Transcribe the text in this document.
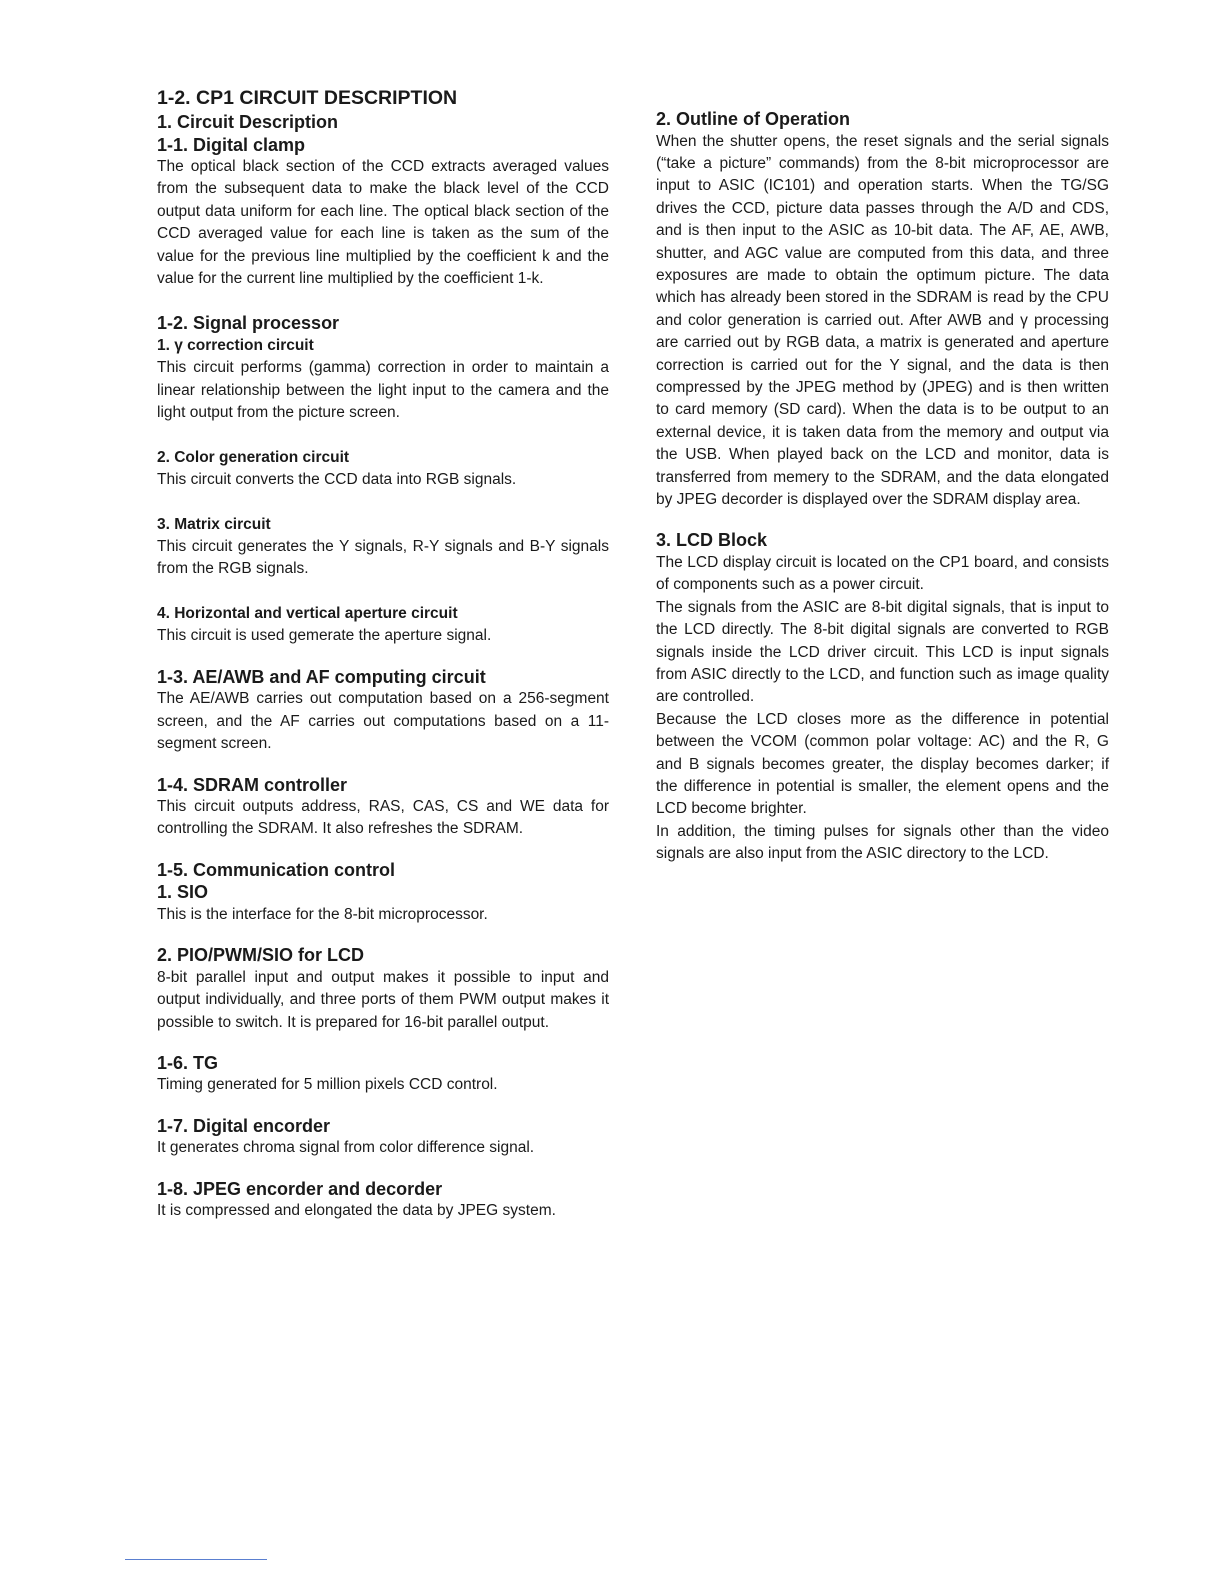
1-2. CP1 CIRCUIT DESCRIPTION
1. Circuit Description
1-1. Digital clamp

The optical black section of the CCD extracts averaged values from the subsequent data to make the black level of the CCD output data uniform for each line. The optical black section of the CCD averaged value for each line is taken as the sum of the value for the previous line multiplied by the coefficient k and the value for the current line multiplied by the coefficient 1-k.

1-2. Signal processor
1. γ correction circuit

This circuit performs (gamma) correction in order to maintain a linear relationship between the light input to the camera and the light output from the picture screen.

2. Color generation circuit

This circuit converts the CCD data into RGB signals.

3. Matrix circuit

This circuit generates the Y signals, R-Y signals and B-Y signals from the RGB signals.

4. Horizontal and vertical aperture circuit

This circuit is used gemerate the aperture signal.

1-3. AE/AWB and AF computing circuit

The AE/AWB carries out computation based on a 256-segment screen, and the AF carries out computations based on a 11-segment screen.

1-4. SDRAM controller

This circuit outputs address, RAS, CAS, CS and WE data for controlling the SDRAM. It also refreshes the SDRAM.

1-5. Communication control
1. SIO

This is the interface for the 8-bit microprocessor.

2. PIO/PWM/SIO for LCD

8-bit parallel input and output makes it possible to input and output individually, and three ports of them PWM output makes it possible to switch. It is prepared for 16-bit parallel output.

1-6. TG

Timing generated for 5 million pixels CCD control.

1-7. Digital encorder

It generates chroma signal from color difference signal.

1-8. JPEG encorder and decorder

It is compressed and elongated the data by JPEG system.

2. Outline of Operation

When the shutter opens, the reset signals and the serial signals (“take a picture” commands) from the 8-bit microprocessor are input to ASIC (IC101) and operation starts. When the TG/SG drives the CCD, picture data passes through the A/D and CDS, and is then input to the ASIC as 10-bit data. The AF, AE, AWB, shutter, and AGC value are computed from this data, and three exposures are made to obtain the optimum picture. The data which has already been stored in the SDRAM is read by the CPU and color generation is carried out. After AWB and γ processing are carried out by RGB data, a matrix is generated and aperture correction is carried out for the Y signal, and the data is then compressed by the JPEG method by (JPEG) and is then written to card memory (SD card). When the data is to be output to an external device, it is taken data from the memory and output via the USB. When played back on the LCD and monitor, data is transferred from memery to the SDRAM, and the data elongated by JPEG decorder is displayed over the SDRAM display area.

3. LCD Block

The LCD display circuit is located on the CP1 board, and consists of components such as a power circuit.

The signals from the ASIC are 8-bit digital signals, that is input to the LCD directly. The 8-bit digital signals are converted to RGB signals inside the LCD driver circuit. This LCD is input signals from ASIC directly to the LCD, and function such as image quality are controlled.

Because the LCD closes more as the difference in potential between the VCOM (common polar voltage: AC) and the R, G and B signals becomes greater, the display becomes darker; if the difference in potential is smaller, the element opens and the LCD become brighter.

In addition, the timing pulses for signals other than the video signals are also input from the ASIC directory to the LCD.
